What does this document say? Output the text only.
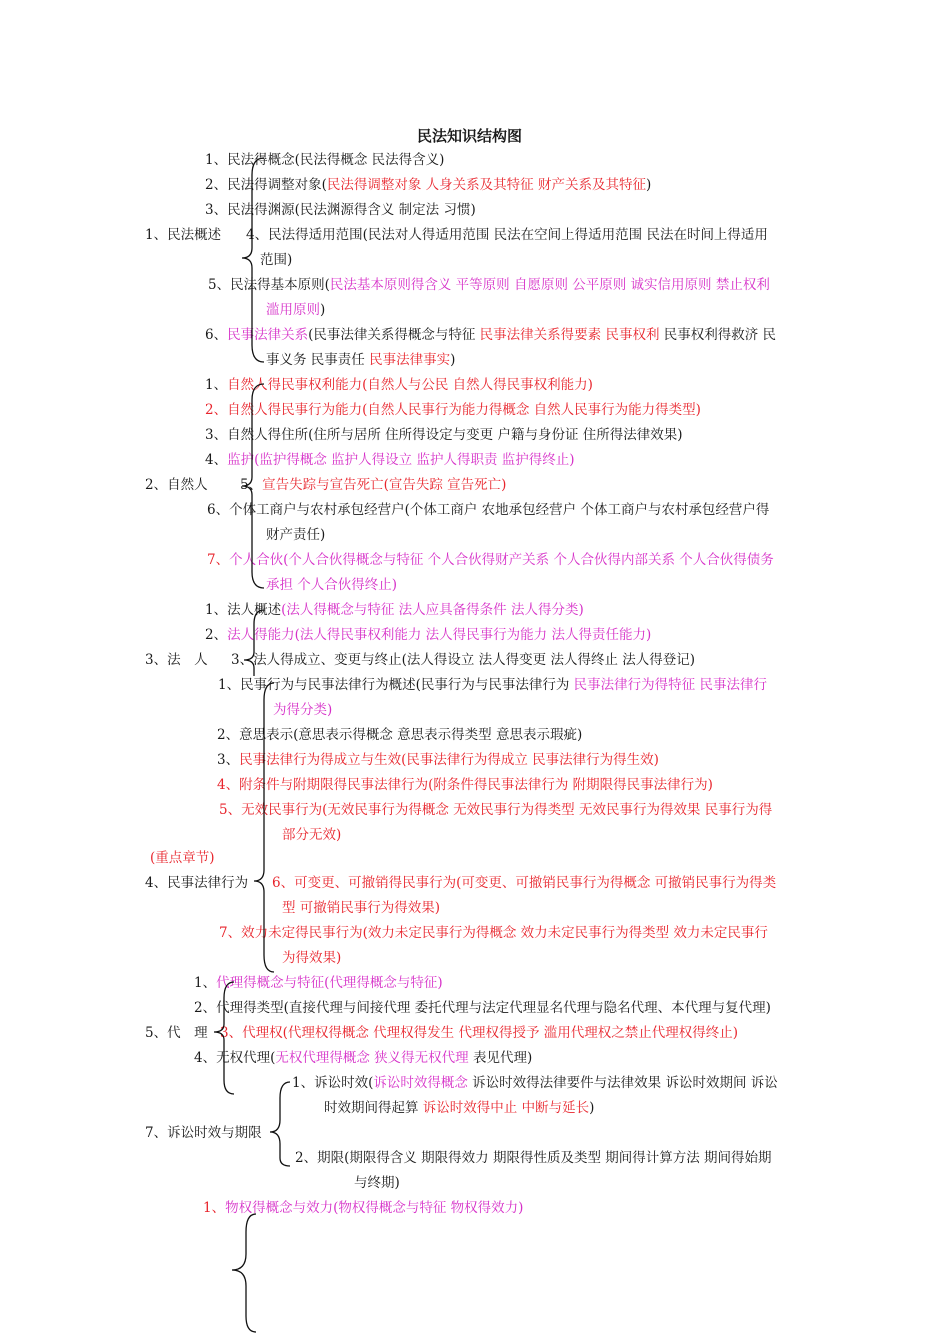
民法知识结构图
(重点章节)
1、民法概述
1、民法得概念(民法得概念 民法得含义)
2、民法得调整对象(民法得调整对象 人身关系及其特征 财产关系及其特征)
3、民法得渊源(民法渊源得含义 制定法 习惯)
4、民法得适用范围(民法对人得适用范围 民法在空间上得适用范围 民法在时间上得适用
范围)
5、民法得基本原则(民法基本原则得含义 平等原则 自愿原则 公平原则 诚实信用原则 禁止权利
滥用原则)
6、民事法律关系(民事法律关系得概念与特征 民事法律关系得要素 民事权利 民事权利得救济 民
事义务 民事责任 民事法律事实)
2、自然人
1、自然人得民事权利能力(自然人与公民 自然人得民事权利能力)
2、自然人得民事行为能力(自然人民事行为能力得概念 自然人民事行为能力得类型)
3、自然人得住所(住所与居所 住所得设定与变更 户籍与身份证 住所得法律效果)
4、监护(监护得概念 监护人得设立 监护人得职责 监护得终止)
5、宣告失踪与宣告死亡(宣告失踪 宣告死亡)
6、个体工商户与农村承包经营户(个体工商户 农地承包经营户 个体工商户与农村承包经营户得
财产责任)
7、个人合伙(个人合伙得概念与特征 个人合伙得财产关系 个人合伙得内部关系 个人合伙得债务
承担 个人合伙得终止)
3、法　人
1、法人概述(法人得概念与特征 法人应具备得条件 法人得分类)
2、法人得能力(法人得民事权利能力 法人得民事行为能力 法人得责任能力)
3、法人得成立、变更与终止(法人得设立 法人得变更 法人得终止 法人得登记)
4、民事法律行为
1、民事行为与民事法律行为概述(民事行为与民事法律行为 民事法律行为得特征 民事法律行
为得分类)
2、意思表示(意思表示得概念 意思表示得类型 意思表示瑕疵)
3、民事法律行为得成立与生效(民事法律行为得成立 民事法律行为得生效)
4、附条件与附期限得民事法律行为(附条件得民事法律行为 附期限得民事法律行为)
5、无效民事行为(无效民事行为得概念 无效民事行为得类型 无效民事行为得效果 民事行为得
部分无效)
6、可变更、可撤销得民事行为(可变更、可撤销民事行为得概念 可撤销民事行为得类
型 可撤销民事行为得效果)
7、效力未定得民事行为(效力未定民事行为得概念 效力未定民事行为得类型 效力未定民事行
为得效果)
5、代　理
1、代理得概念与特征(代理得概念与特征)
2、代理得类型(直接代理与间接代理 委托代理与法定代理显名代理与隐名代理、本代理与复代理)
3、代理权(代理权得概念 代理权得发生 代理权得授予 滥用代理权之禁止代理权得终止)
4、无权代理(无权代理得概念 狭义得无权代理 表见代理)
7、诉讼时效与期限
1、诉讼时效(诉讼时效得概念 诉讼时效得法律要件与法律效果 诉讼时效期间 诉讼
时效期间得起算 诉讼时效得中止 中断与延长)
2、期限(期限得含义 期限得效力 期限得性质及类型 期间得计算方法 期间得始期
与终期)
1、物权得概念与效力(物权得概念与特征 物权得效力)
